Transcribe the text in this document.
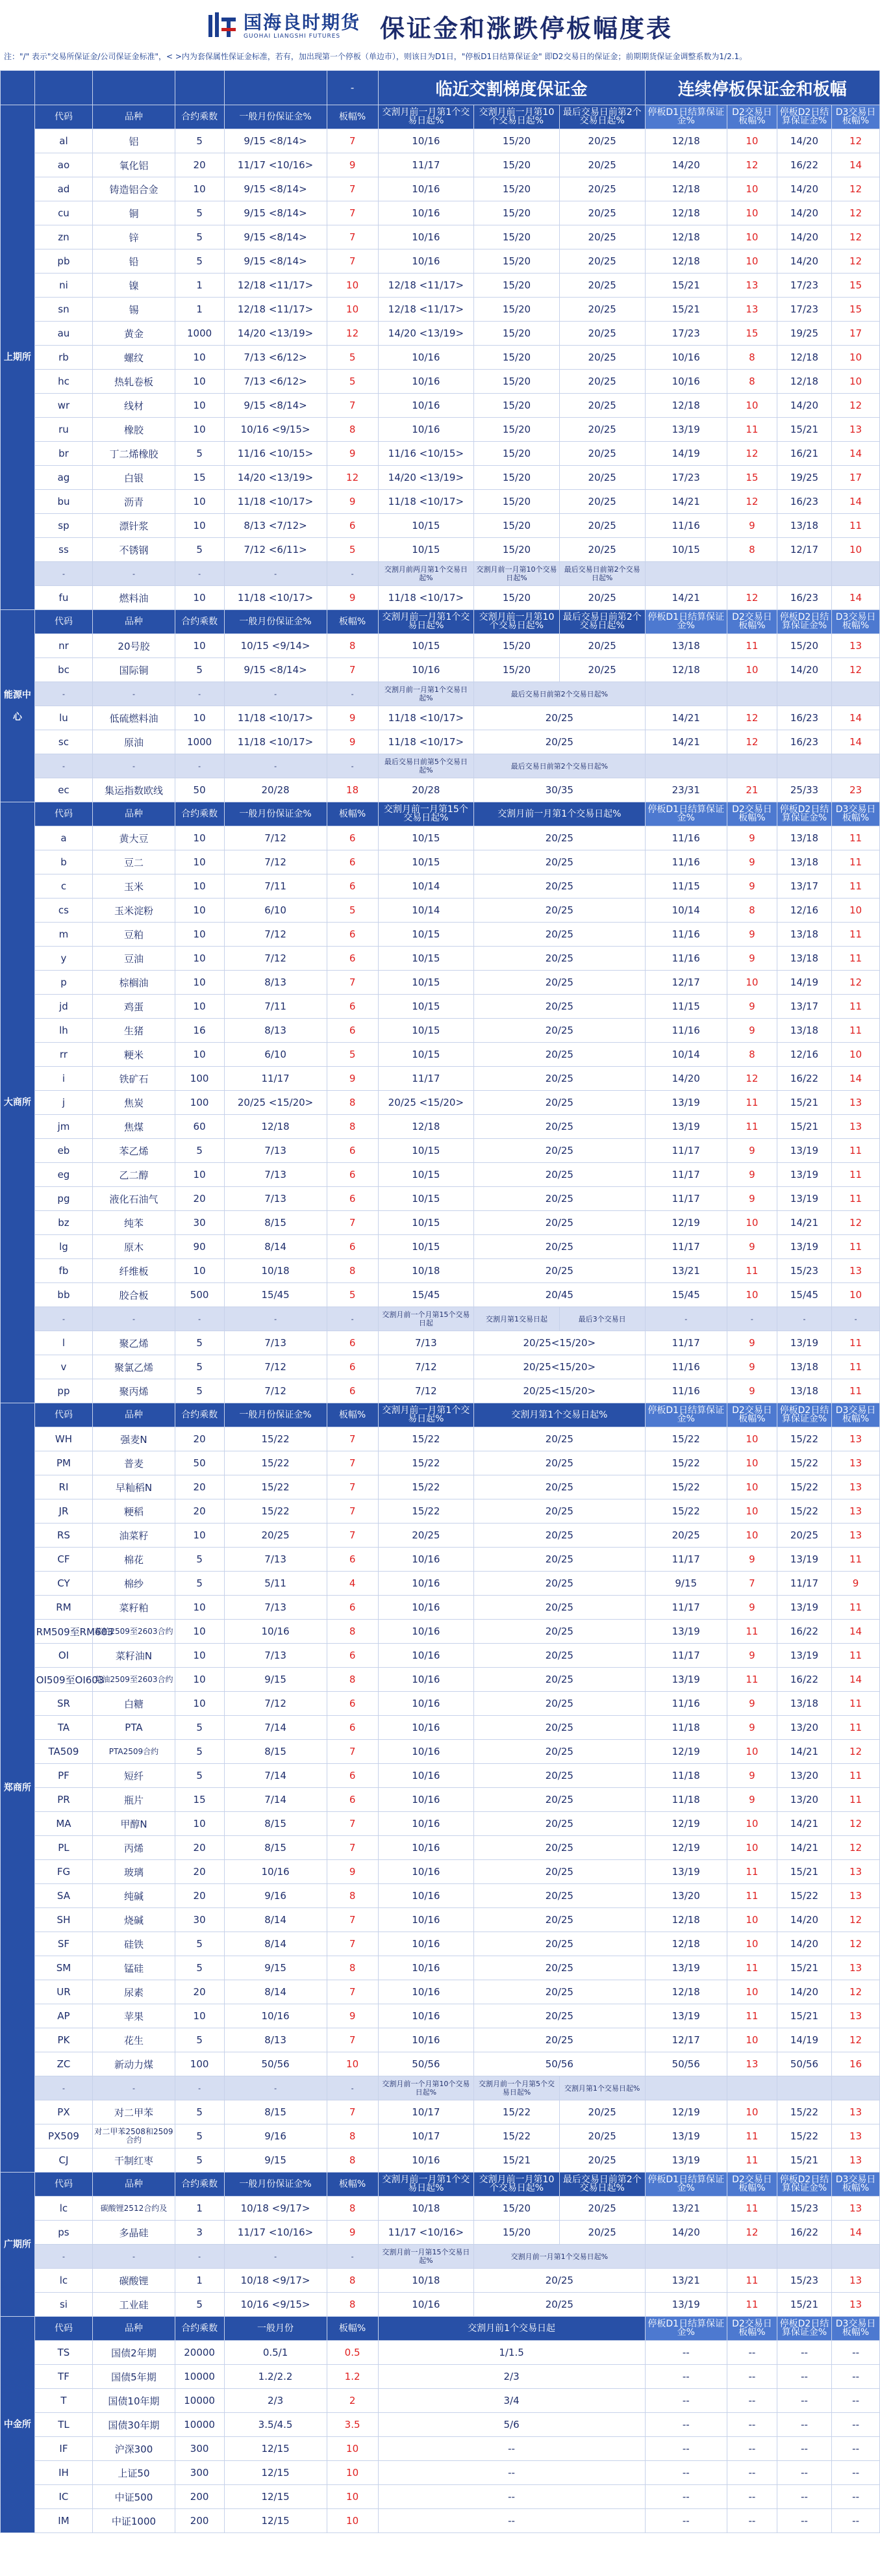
国海良时期货
GUOHAI LIANGSHI FUTURES	保证金和涨跌停板幅度表
注："/" 表示"交易所保证金/公司保证金标准"，< >内为套保属性保证金标准，若有，加出现第一个停板（单边市），则该日为D1日，"停板D1日结算保证金" 即D2交易日的保证金；前期期货保证金调整系数为1/2.1。
					-	临近交割梯度保证金			连续停板保证金和板幅			
上期所	代码	品种	合约乘数	一般月份保证金%	板幅%	交割月前一月第1个交易日起%	交割月前一月第10个交易日起%	最后交易日前第2个交易日起%	停板D1日结算保证金%	D2交易日板幅%	停板D2日结算保证金%	D3交易日板幅%
	al	铝	5	9/15 <8/14>	7	10/16	15/20	20/25	12/18	10	14/20	12
	ao	氧化铝	20	11/17 <10/16>	9	11/17	15/20	20/25	14/20	12	16/22	14
	ad	铸造铝合金	10	9/15 <8/14>	7	10/16	15/20	20/25	12/18	10	14/20	12
	cu	铜	5	9/15 <8/14>	7	10/16	15/20	20/25	12/18	10	14/20	12
	zn	锌	5	9/15 <8/14>	7	10/16	15/20	20/25	12/18	10	14/20	12
	pb	铅	5	9/15 <8/14>	7	10/16	15/20	20/25	12/18	10	14/20	12
	ni	镍	1	12/18 <11/17>	10	12/18 <11/17>	15/20	20/25	15/21	13	17/23	15
	sn	锡	1	12/18 <11/17>	10	12/18 <11/17>	15/20	20/25	15/21	13	17/23	15
	au	黄金	1000	14/20 <13/19>	12	14/20 <13/19>	15/20	20/25	17/23	15	19/25	17
	rb	螺纹	10	7/13 <6/12>	5	10/16	15/20	20/25	10/16	8	12/18	10
	hc	热轧卷板	10	7/13 <6/12>	5	10/16	15/20	20/25	10/16	8	12/18	10
	wr	线材	10	9/15 <8/14>	7	10/16	15/20	20/25	12/18	10	14/20	12
	ru	橡胶	10	10/16 <9/15>	8	10/16	15/20	20/25	13/19	11	15/21	13
	br	丁二烯橡胶	5	11/16 <10/15>	9	11/16 <10/15>	15/20	20/25	14/19	12	16/21	14
	ag	白银	15	14/20 <13/19>	12	14/20 <13/19>	15/20	20/25	17/23	15	19/25	17
	bu	沥青	10	11/18 <10/17>	9	11/18 <10/17>	15/20	20/25	14/21	12	16/23	14
	sp	漂针浆	10	8/13 <7/12>	6	10/15	15/20	20/25	11/16	9	13/18	11
	ss	不锈钢	5	7/12 <6/11>	5	10/15	15/20	20/25	10/15	8	12/17	10
	-	-	-	-	-	交割月前两月第1个交易日起%	交割月前一月第10个交易日起%	最后交易日前第2个交易日起%				
	fu	燃料油	10	11/18 <10/17>	9	11/18 <10/17>	15/20	20/25	14/21	12	16/23	14
能源中心	代码	品种	合约乘数	一般月份保证金%	板幅%	交割月前一月第1个交易日起%	交割月前一月第10个交易日起%	最后交易日前第2个交易日起%	停板D1日结算保证金%	D2交易日板幅%	停板D2日结算保证金%	D3交易日板幅%
	nr	20号胶	10	10/15 <9/14>	8	10/15	15/20	20/25	13/18	11	15/20	13
	bc	国际铜	5	9/15 <8/14>	7	10/16	15/20	20/25	12/18	10	14/20	12
	-	-	-	-	-	交割月前一月第1个交易日起%	最后交易日前第2个交易日起%					
	lu	低硫燃料油	10	11/18 <10/17>	9	11/18 <10/17>	20/25		14/21	12	16/23	14
	sc	原油	1000	11/18 <10/17>	9	11/18 <10/17>	20/25		14/21	12	16/23	14
	-	-	-	-	-	最后交易日前第5个交易日起%	最后交易日前第2个交易日起%					
	ec	集运指数欧线	50	20/28	18	20/28	30/35		23/31	21	25/33	23
大商所	代码	品种	合约乘数	一般月份保证金%	板幅%	交割月前一月第15个交易日起%	交割月前一月第1个交易日起%		停板D1日结算保证金%	D2交易日板幅%	停板D2日结算保证金%	D3交易日板幅%
	a	黄大豆	10	7/12	6	10/15	20/25		11/16	9	13/18	11
	b	豆二	10	7/12	6	10/15	20/25		11/16	9	13/18	11
	c	玉米	10	7/11	6	10/14	20/25		11/15	9	13/17	11
	cs	玉米淀粉	10	6/10	5	10/14	20/25		10/14	8	12/16	10
	m	豆粕	10	7/12	6	10/15	20/25		11/16	9	13/18	11
	y	豆油	10	7/12	6	10/15	20/25		11/16	9	13/18	11
	p	棕榈油	10	8/13	7	10/15	20/25		12/17	10	14/19	12
	jd	鸡蛋	10	7/11	6	10/15	20/25		11/15	9	13/17	11
	lh	生猪	16	8/13	6	10/15	20/25		11/16	9	13/18	11
	rr	粳米	10	6/10	5	10/15	20/25		10/14	8	12/16	10
	i	铁矿石	100	11/17	9	11/17	20/25		14/20	12	16/22	14
	j	焦炭	100	20/25 <15/20>	8	20/25 <15/20>	20/25		13/19	11	15/21	13
	jm	焦煤	60	12/18	8	12/18	20/25		13/19	11	15/21	13
	eb	苯乙烯	5	7/13	6	10/15	20/25		11/17	9	13/19	11
	eg	乙二醇	10	7/13	6	10/15	20/25		11/17	9	13/19	11
	pg	液化石油气	20	7/13	6	10/15	20/25		11/17	9	13/19	11
	bz	纯苯	30	8/15	7	10/15	20/25		12/19	10	14/21	12
	lg	原木	90	8/14	6	10/15	20/25		11/17	9	13/19	11
	fb	纤维板	10	10/18	8	10/18	20/25		13/21	11	15/23	13
	bb	胶合板	500	15/45	5	15/45	20/45		15/45	10	15/45	10
	-	-	-	-	-	交割月前一个月第15个交易日起	交割月第1交易日起	最后3个交易日	-	-	-	-
	l	聚乙烯	5	7/13	6	7/13	20/25<15/20>		11/17	9	13/19	11
	v	聚氯乙烯	5	7/12	6	7/12	20/25<15/20>		11/16	9	13/18	11
	pp	聚丙烯	5	7/12	6	7/12	20/25<15/20>		11/16	9	13/18	11
郑商所	代码	品种	合约乘数	一般月份保证金%	板幅%	交割月前一月第1个交易日起%	交割月第1个交易日起%		停板D1日结算保证金%	D2交易日板幅%	停板D2日结算保证金%	D3交易日板幅%
	WH	强麦N	20	15/22	7	15/22	20/25		15/22	10	15/22	13
	PM	普麦	50	15/22	7	15/22	20/25		15/22	10	15/22	13
	RI	早籼稻N	20	15/22	7	15/22	20/25		15/22	10	15/22	13
	JR	粳稻	20	15/22	7	15/22	20/25		15/22	10	15/22	13
	RS	油菜籽	10	20/25	7	20/25	20/25		20/25	10	20/25	13
	CF	棉花	5	7/13	6	10/16	20/25		11/17	9	13/19	11
	CY	棉纱	5	5/11	4	10/16	20/25		9/15	7	11/17	9
	RM	菜籽粕	10	7/13	6	10/16	20/25		11/17	9	13/19	11
	RM509至RM603	菜粕2509至2603合约	10	10/16	8	10/16	20/25		13/19	11	16/22	14
	OI	菜籽油N	10	7/13	6	10/16	20/25		11/17	9	13/19	11
	OI509至OI603	菜油2509至2603合约	10	9/15	8	10/16	20/25		13/19	11	16/22	14
	SR	白糖	10	7/12	6	10/16	20/25		11/16	9	13/18	11
	TA	PTA	5	7/14	6	10/16	20/25		11/18	9	13/20	11
	TA509	PTA2509合约	5	8/15	7	10/16	20/25		12/19	10	14/21	12
	PF	短纤	5	7/14	6	10/16	20/25		11/18	9	13/20	11
	PR	瓶片	15	7/14	6	10/16	20/25		11/18	9	13/20	11
	MA	甲醇N	10	8/15	7	10/16	20/25		12/19	10	14/21	12
	PL	丙烯	20	8/15	7	10/16	20/25		12/19	10	14/21	12
	FG	玻璃	20	10/16	9	10/16	20/25		13/19	11	15/21	13
	SA	纯碱	20	9/16	8	10/16	20/25		13/20	11	15/22	13
	SH	烧碱	30	8/14	7	10/16	20/25		12/18	10	14/20	12
	SF	硅铁	5	8/14	7	10/16	20/25		12/18	10	14/20	12
	SM	锰硅	5	9/15	8	10/16	20/25		13/19	11	15/21	13
	UR	尿素	20	8/14	7	10/16	20/25		12/18	10	14/20	12
	AP	苹果	10	10/16	9	10/16	20/25		13/19	11	15/21	13
	PK	花生	5	8/13	7	10/16	20/25		12/17	10	14/19	12
	ZC	新动力煤	100	50/56	10	50/56	50/56		50/56	13	50/56	16
	-	-	-	-	-	交割月前一个月第10个交易日起%	交割月前一个月第5个交易日起%	交割月第1个交易日起%				
	PX	对二甲苯	5	8/15	7	10/17	15/22	20/25	12/19	10	15/22	13
	PX509	对二甲苯2508和2509合约	5	9/16	8	10/17	15/22	20/25	13/19	11	15/22	13
	CJ	干制红枣	5	9/15	8	10/16	15/21	20/25	13/19	11	15/21	13
广期所	代码	品种	合约乘数	一般月份保证金%	板幅%	交割月前一月第1个交易日起%	交割月前一月第10个交易日起%	最后交易日前第2个交易日起%	停板D1日结算保证金%	D2交易日板幅%	停板D2日结算保证金%	D3交易日板幅%
	lc	碳酸锂2512合约及	1	10/18 <9/17>	8	10/18	15/20	20/25	13/21	11	15/23	13
	ps	多晶硅	3	11/17 <10/16>	9	11/17 <10/16>	15/20	20/25	14/20	12	16/22	14
	-	-	-	-	-	交割月前一月第15个交易日起%	交割月前一月第1个交易日起%					
	lc	碳酸锂	1	10/18 <9/17>	8	10/18	20/25		13/21	11	15/23	13
	si	工业硅	5	10/16 <9/15>	8	10/16	20/25		13/19	11	15/21	13
中金所	代码	品种	合约乘数	一般月份	板幅%	交割月前1个交易日起			停板D1日结算保证金%	D2交易日板幅%	停板D2日结算保证金%	D3交易日板幅%
	TS	国债2年期	20000	0.5/1	0.5	1/1.5			--	--	--	--
	TF	国债5年期	10000	1.2/2.2	1.2	2/3			--	--	--	--
	T	国债10年期	10000	2/3	2	3/4			--	--	--	--
	TL	国债30年期	10000	3.5/4.5	3.5	5/6			--	--	--	--
	IF	沪深300	300	12/15	10	--			--	--	--	--
	IH	上证50	300	12/15	10	--			--	--	--	--
	IC	中证500	200	12/15	10	--			--	--	--	--
	IM	中证1000	200	12/15	10	--			--	--	--	--
